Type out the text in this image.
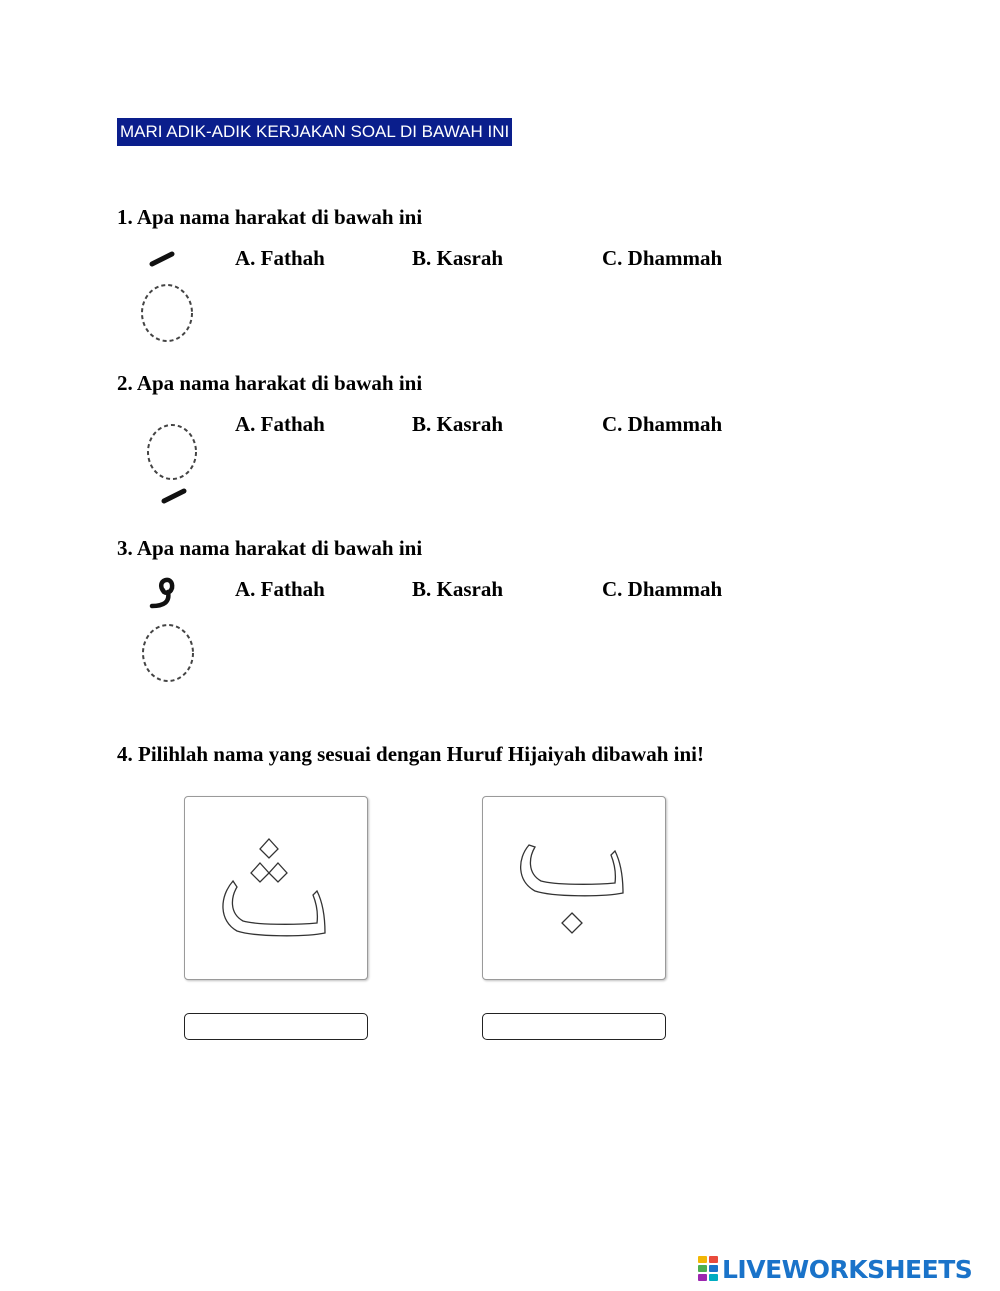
MARI ADIK-ADIK KERJAKAN SOAL DI BAWAH INI
1. Apa nama harakat di bawah ini
A. Fathah	B. Kasrah	C. Dhammah
2. Apa nama harakat di bawah ini
A. Fathah	B. Kasrah	C. Dhammah
3. Apa nama harakat di bawah ini
A. Fathah	B. Kasrah	C. Dhammah
4. Pilihlah nama yang sesuai dengan Huruf Hijaiyah dibawah ini!
LIVEWORKSHEETS
